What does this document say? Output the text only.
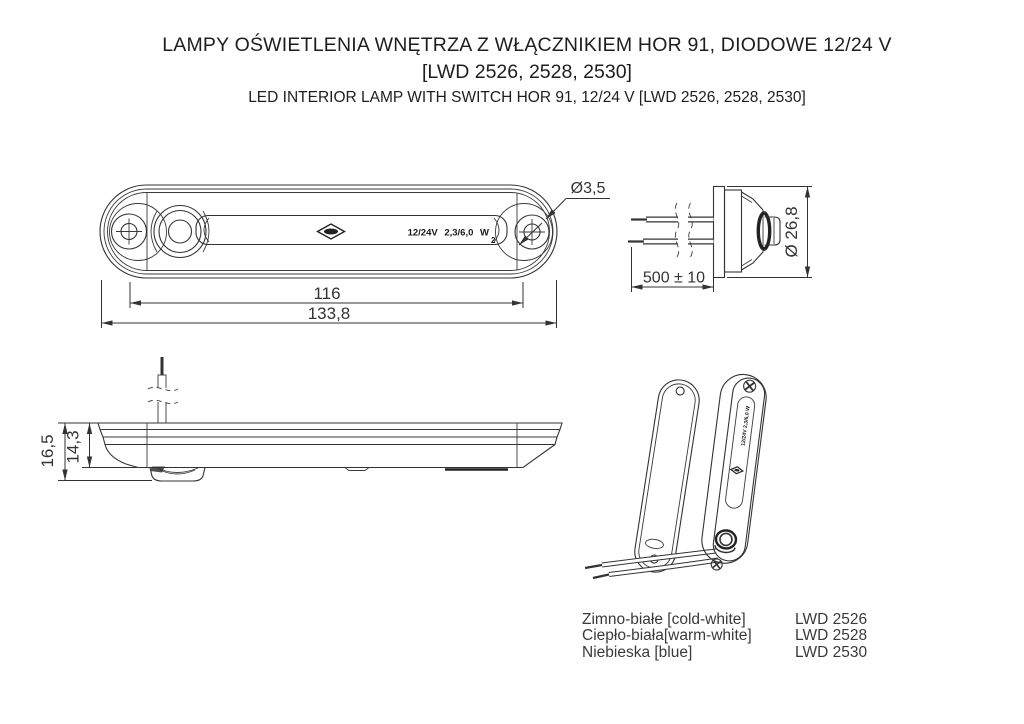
LAMPY OŚWIETLENIA WNĘTRZA Z WŁĄCZNIKIEM HOR 91, DIODOWE 12/24 V
[LWD 2526, 2528, 2530]
LED INTERIOR LAMP WITH SWITCH HOR 91, 12/24 V [LWD 2526, 2528, 2530]
12/24V 2,3/6,0 W
2
116
133,8
Ø3,5
500 ± 10
Ø 26,8
16,5 14,3
12/24V 2,3/6,0 W
Zimno-białe [cold-white]	LWD 2526
Ciepło-biała[warm-white]	LWD 2528
Niebieska [blue]	LWD 2530
